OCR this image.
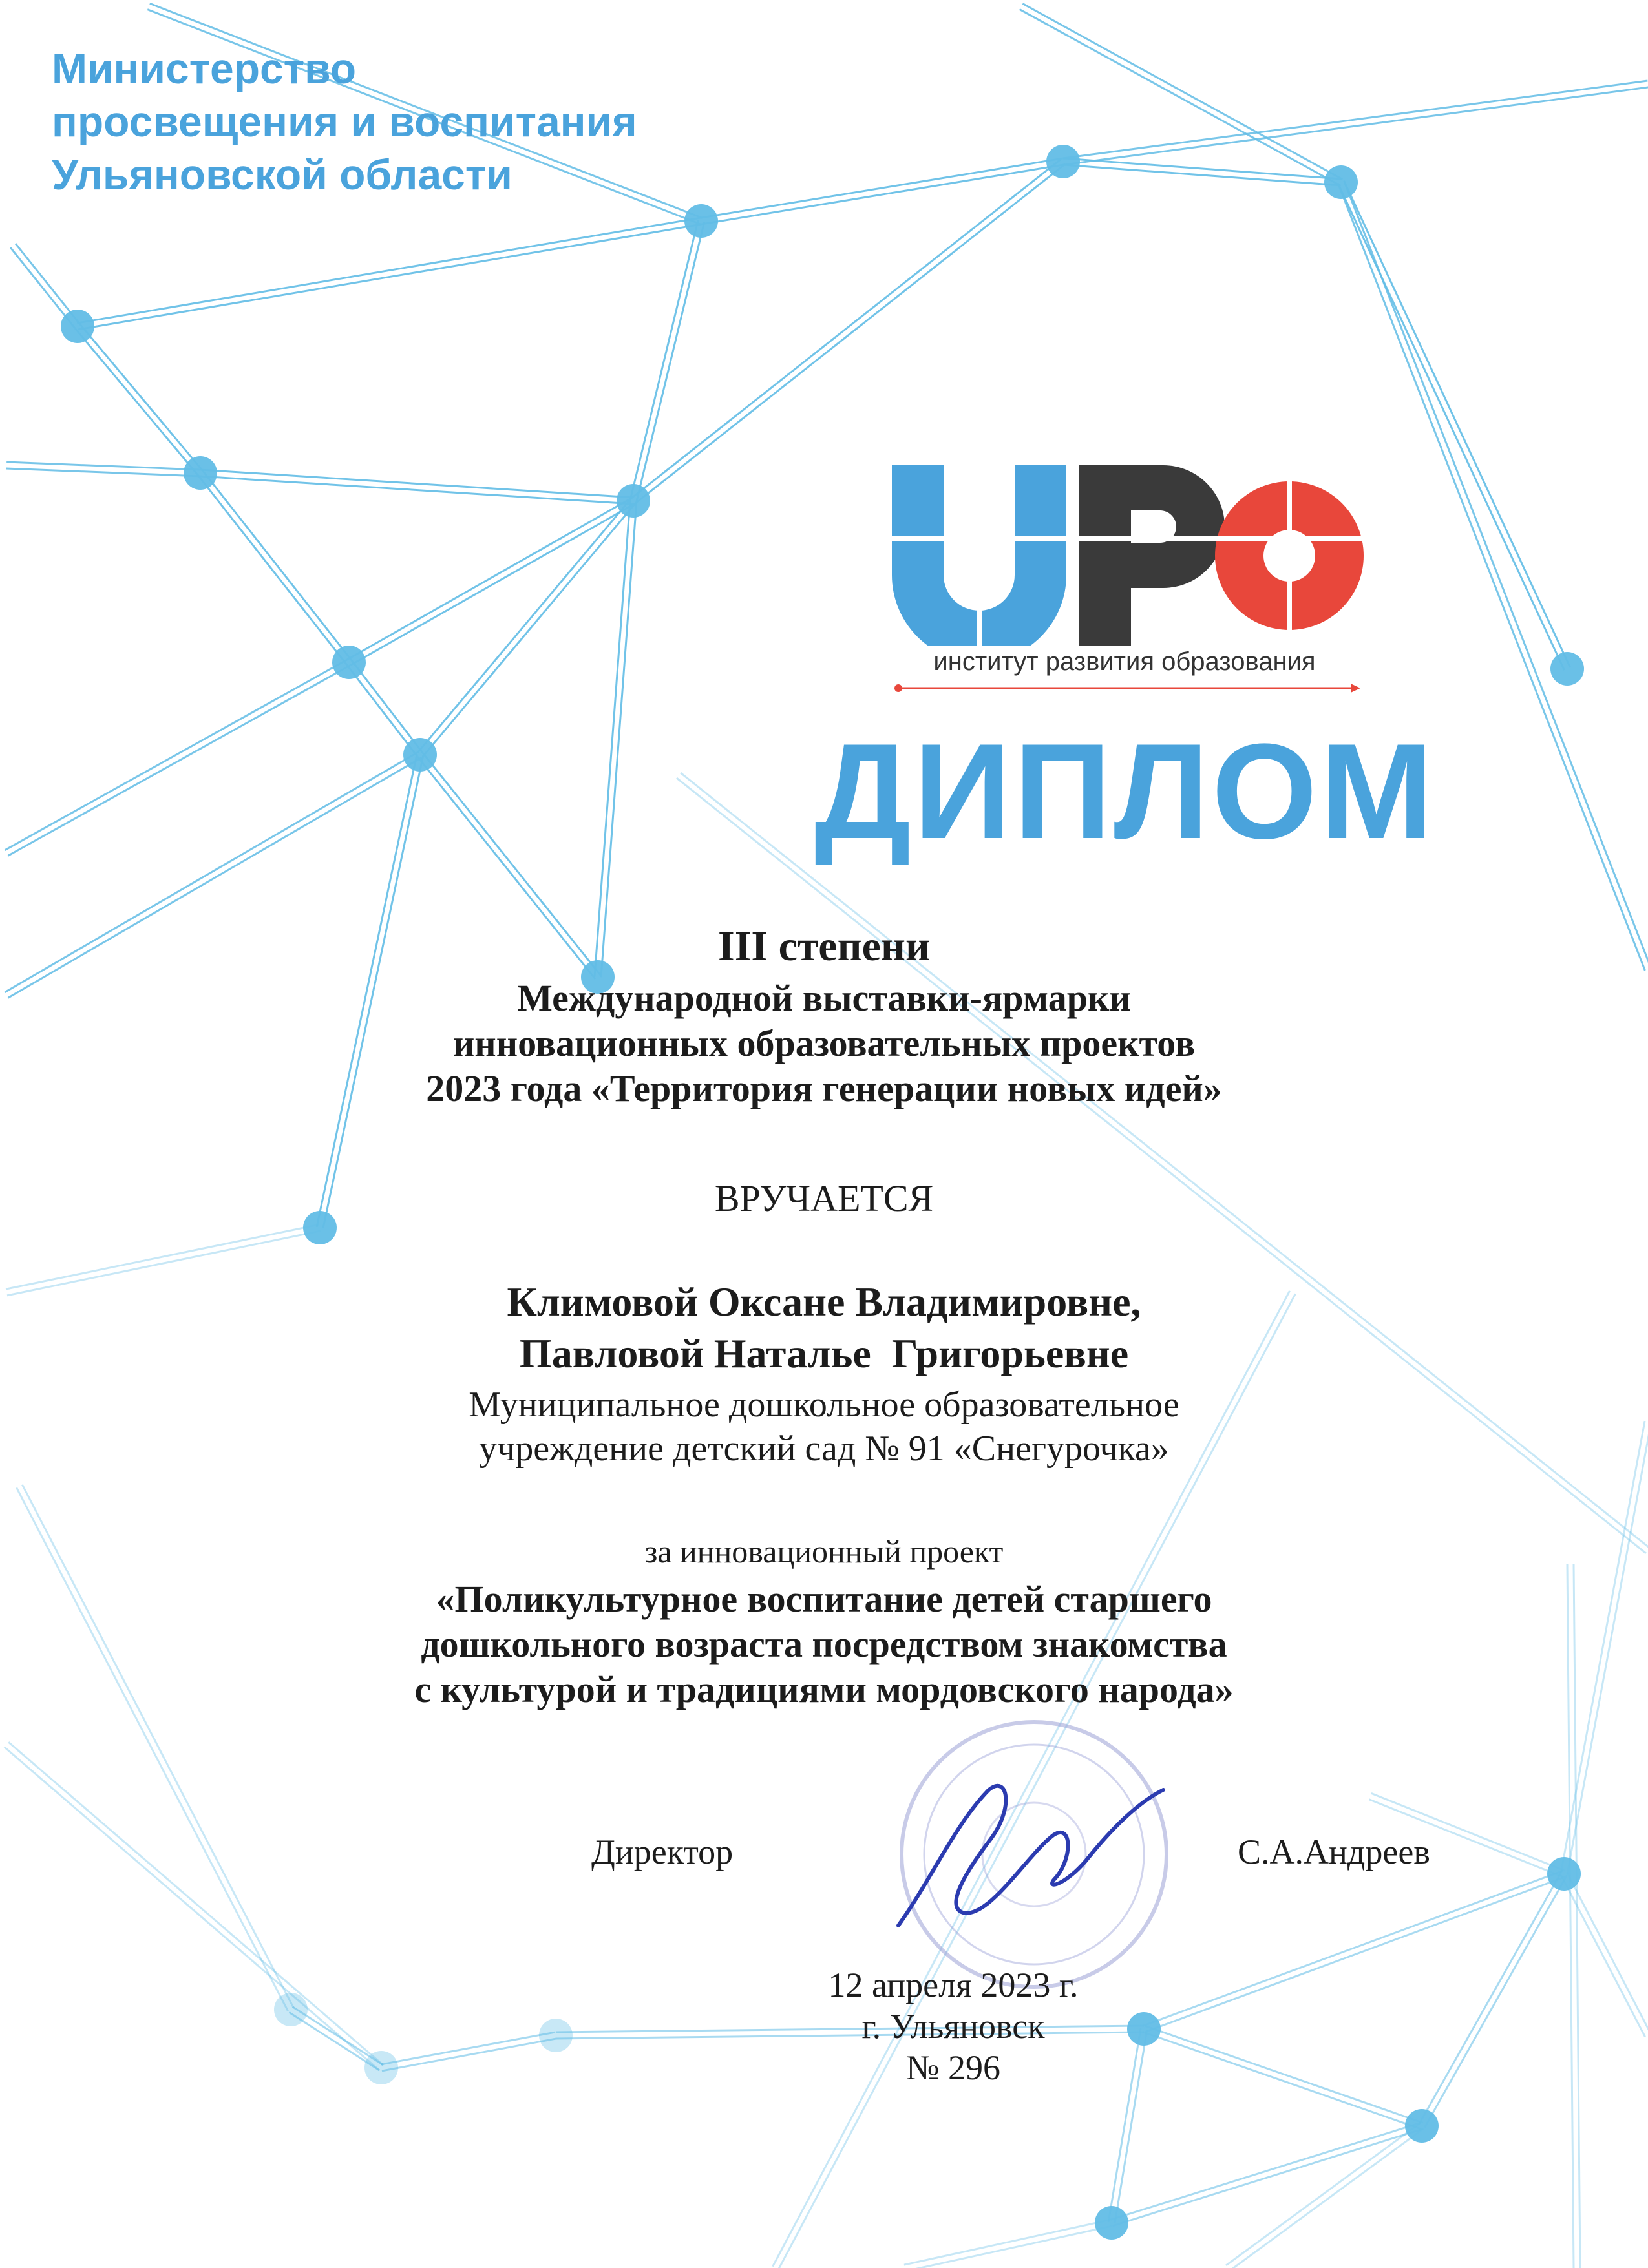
Министерство
просвещения и воспитания
Ульяновской области
институт развития образования
ДИПЛОМ
III степени
Международной выставки-ярмарки
инновационных образовательных проектов
2023 года «Территория генерации новых идей»
ВРУЧАЕТСЯ
Климовой Оксане Владимировне,
Павловой Наталье  Григорьевне
Муниципальное дошкольное образовательное
учреждение детский сад № 91 «Снегурочка»
за инновационный проект
«Поликультурное воспитание детей старшего
дошкольного возраста посредством знакомства
с культурой и традициями мордовского народа»
Директор	С.А.Андреев
12 апреля 2023 г.
г. Ульяновск
№ 296
